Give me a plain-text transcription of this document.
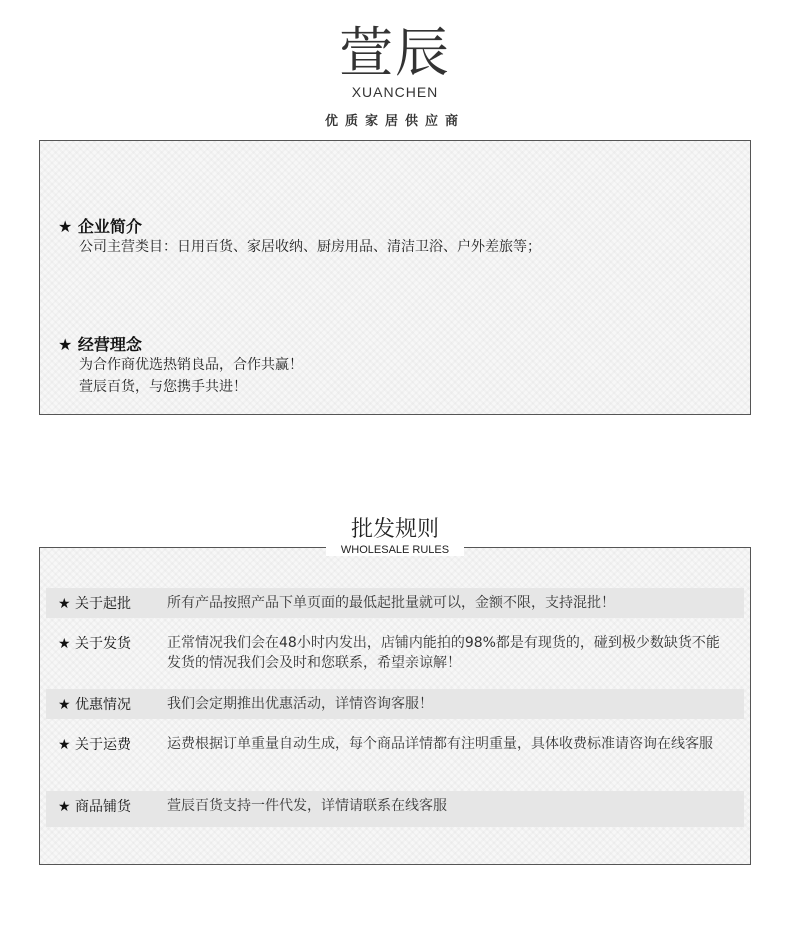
萱辰
XUANCHEN
优质家居供应商
★ 企业简介
公司主营类目：日用百货、家居收纳、厨房用品、清洁卫浴、户外差旅等；
★ 经营理念
为合作商优选热销良品，合作共赢！
萱辰百货，与您携手共进！
★ 关于起批	所有产品按照产品下单页面的最低起批量就可以，金额不限，支持混批！
★ 关于发货	正常情况我们会在48小时内发出，店铺内能拍的98%都是有现货的，碰到极少数缺货不能发货的情况我们会及时和您联系，希望亲谅解！
★ 优惠情况	我们会定期推出优惠活动，详情咨询客服！
★ 关于运费	运费根据订单重量自动生成，每个商品详情都有注明重量，具体收费标准请咨询在线客服
★ 商品铺货	萱辰百货支持一件代发，详情请联系在线客服
批发规则
WHOLESALE RULES
